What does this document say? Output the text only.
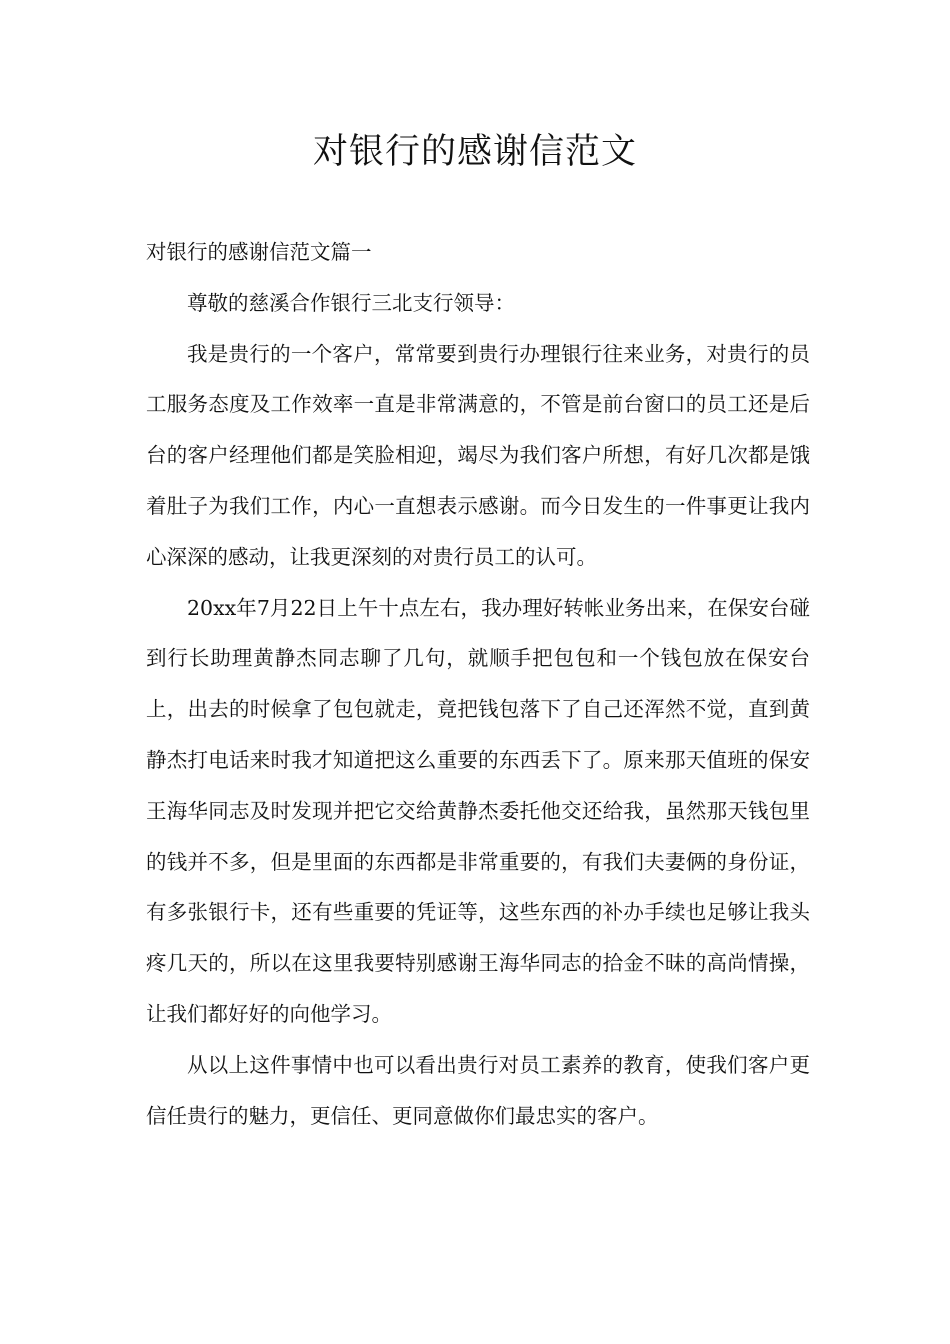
对银行的感谢信范文

对银行的感谢信范文篇一

尊敬的慈溪合作银行三北支行领导：

我是贵行的一个客户，常常要到贵行办理银行往来业务，对贵行的员工服务态度及工作效率一直是非常满意的，不管是前台窗口的员工还是后台的客户经理他们都是笑脸相迎，竭尽为我们客户所想，有好几次都是饿着肚子为我们工作，内心一直想表示感谢。而今日发生的一件事更让我内心深深的感动，让我更深刻的对贵行员工的认可。

20xx年7月22日上午十点左右，我办理好转帐业务出来，在保安台碰到行长助理黄静杰同志聊了几句，就顺手把包包和一个钱包放在保安台上，出去的时候拿了包包就走，竟把钱包落下了自己还浑然不觉，直到黄静杰打电话来时我才知道把这么重要的东西丢下了。原来那天值班的保安王海华同志及时发现并把它交给黄静杰委托他交还给我，虽然那天钱包里的钱并不多，但是里面的东西都是非常重要的，有我们夫妻俩的身份证，有多张银行卡，还有些重要的凭证等，这些东西的补办手续也足够让我头疼几天的，所以在这里我要特别感谢王海华同志的拾金不昧的高尚情操，让我们都好好的向他学习。

从以上这件事情中也可以看出贵行对员工素养的教育，使我们客户更信任贵行的魅力，更信任、更同意做你们最忠实的客户。
